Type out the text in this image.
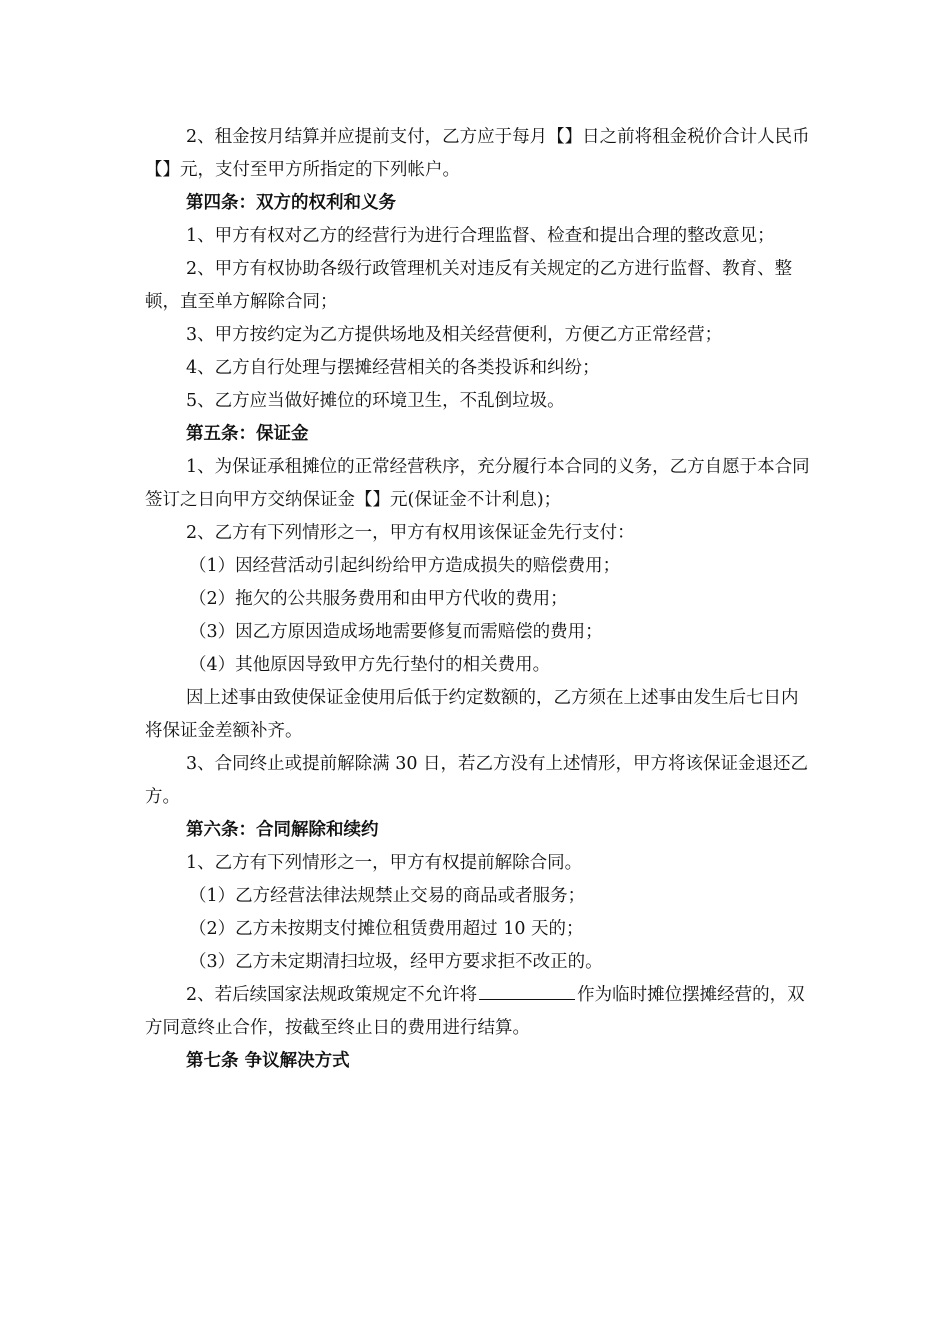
2、租金按月结算并应提前支付，乙方应于每月【】日之前将租金税价合计人民币【】元，支付至甲方所指定的下列帐户。

第四条：双方的权利和义务

1、甲方有权对乙方的经营行为进行合理监督、检查和提出合理的整改意见；

2、甲方有权协助各级行政管理机关对违反有关规定的乙方进行监督、教育、整顿，直至单方解除合同；

3、甲方按约定为乙方提供场地及相关经营便利，方便乙方正常经营；

4、乙方自行处理与摆摊经营相关的各类投诉和纠纷；

5、乙方应当做好摊位的环境卫生，不乱倒垃圾。

第五条：保证金

1、为保证承租摊位的正常经营秩序，充分履行本合同的义务，乙方自愿于本合同签订之日向甲方交纳保证金【】元(保证金不计利息)；

2、乙方有下列情形之一，甲方有权用该保证金先行支付：

（1）因经营活动引起纠纷给甲方造成损失的赔偿费用；

（2）拖欠的公共服务费用和由甲方代收的费用；

（3）因乙方原因造成场地需要修复而需赔偿的费用；

（4）其他原因导致甲方先行垫付的相关费用。

因上述事由致使保证金使用后低于约定数额的，乙方须在上述事由发生后七日内将保证金差额补齐。

3、合同终止或提前解除满 30 日，若乙方没有上述情形，甲方将该保证金退还乙方。

第六条：合同解除和续约

1、乙方有下列情形之一，甲方有权提前解除合同。

（1）乙方经营法律法规禁止交易的商品或者服务；

（2）乙方未按期支付摊位租赁费用超过 10 天的；

（3）乙方未定期清扫垃圾，经甲方要求拒不改正的。

2、若后续国家法规政策规定不允许将	作为临时摊位摆摊经营的，双方同意终止合作，按截至终止日的费用进行结算。

第七条 争议解决方式
